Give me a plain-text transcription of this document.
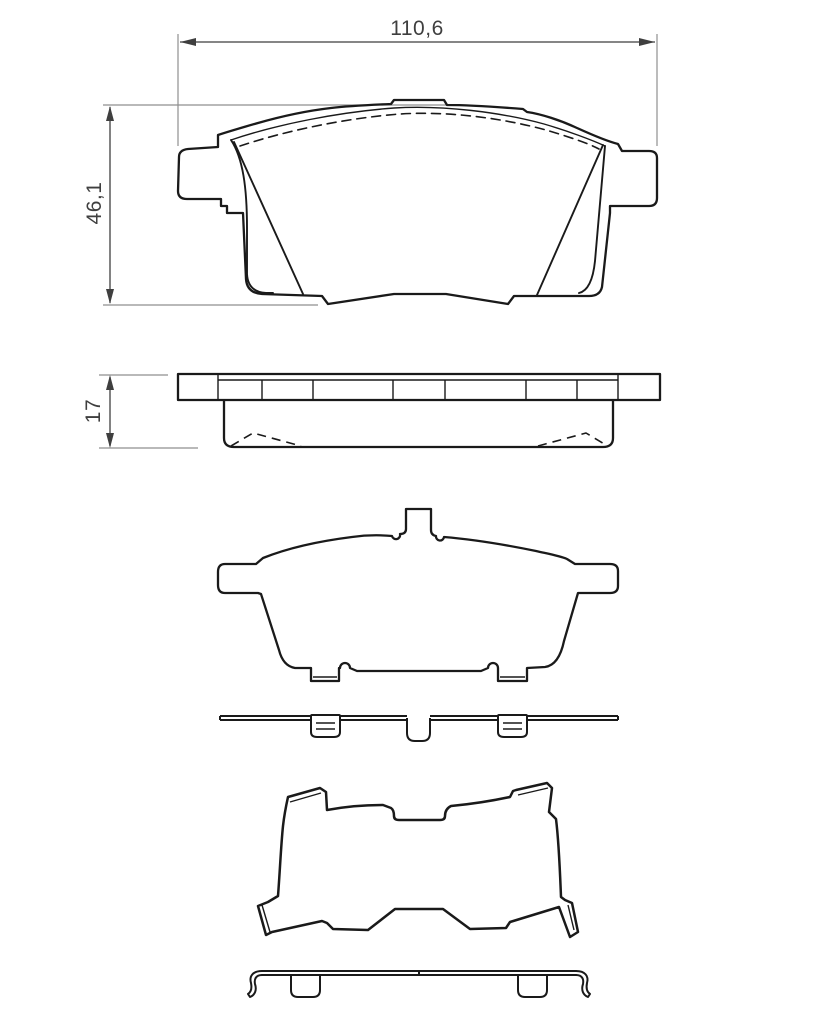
110,6
46,1
17
